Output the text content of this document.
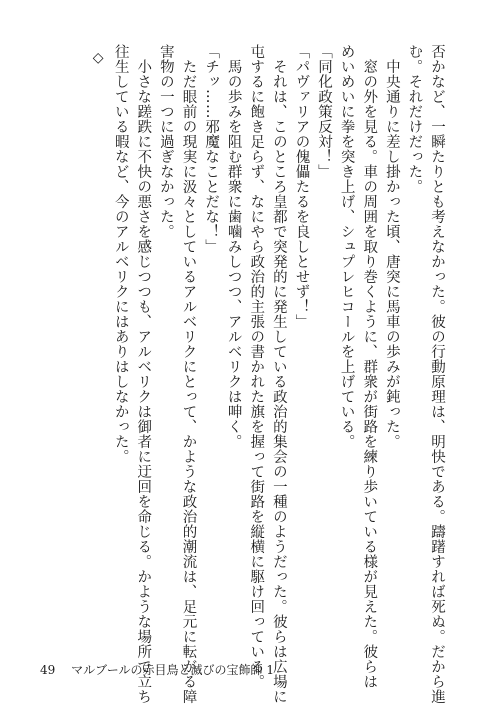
否かなど、一瞬たりとも考えなかった。彼の行動原理は、明快である。躊躇すれば死ぬ。だから進
む。それだけだった。
　中央通りに差し掛かった頃、唐突に馬車の歩みが鈍った。
　窓の外を見る。車の周囲を取り巻くように、群衆が街路を練り歩いている様が見えた。彼らは
めいめいに拳を突き上げ、シュプレヒコールを上げている。
「同化政策反対！」
「パヴァリアの傀儡たるを良しとせず！」
　それは、このところ皇都で突発的に発生している政治的集会の一種のようだった。彼らは広場に
屯するに飽き足らず、なにやら政治的主張の書かれた旗を握って街路を縦横に駆け回っている。
　馬の歩みを阻む群衆に歯噛みしつつ、アルベリクは呻く。
「チッ……邪魔なことだな！」
　ただ眼前の現実に汲々としているアルベリクにとって、かような政治的潮流は、足元に転がる障
害物の一つに過ぎなかった。
　小さな蹉跌に不快の悪さを感じつつも、アルベリクは御者に迂回を命じる。かような場所で立ち
往生している暇など、今のアルベリクにはありはしなかった。
◇
49 マルブールの赤目鳥と滅びの宝飾師 1
